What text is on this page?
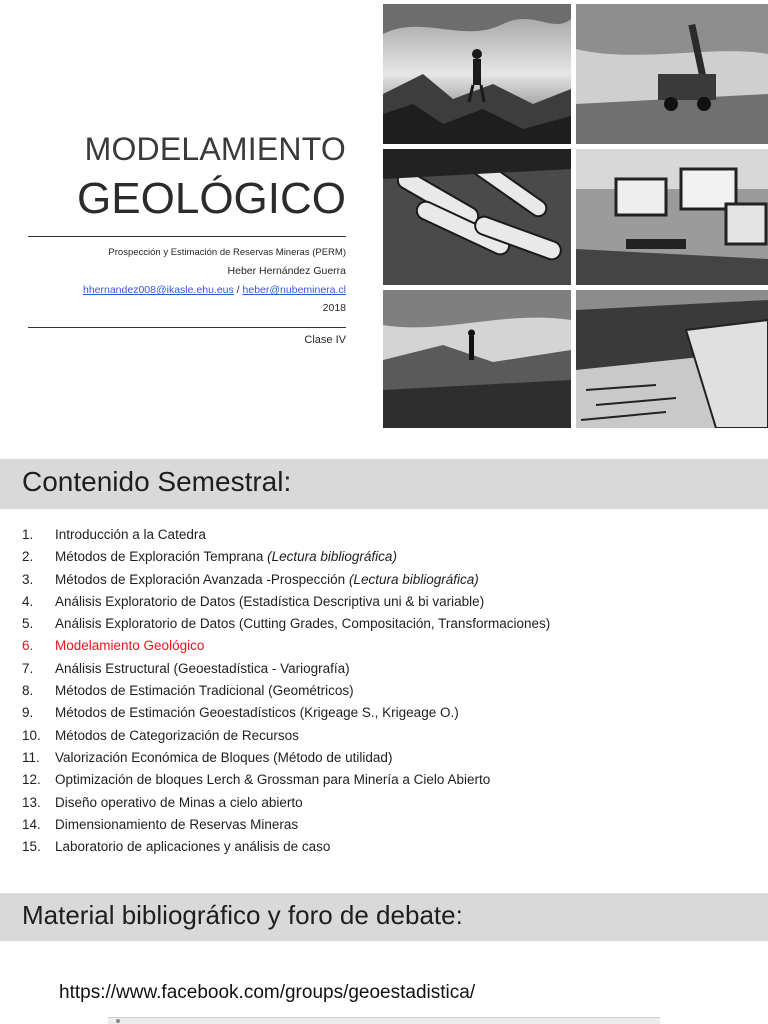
MODELAMIENTO
GEOLÓGICO
Prospección y Estimación de Reservas Mineras (PERM)
Heber Hernández Guerra
hhernandez008@ikasle.ehu.eus / heber@nubeminera.cl
2018
Clase IV
Contenido Semestral:
1.	Introducción a la Catedra
2.	Métodos de Exploración Temprana (Lectura bibliográfica)
3.	Métodos de Exploración Avanzada -Prospección (Lectura bibliográfica)
4.	Análisis Exploratorio de Datos (Estadística Descriptiva uni & bi variable)
5.	Análisis Exploratorio de Datos (Cutting Grades, Compositación, Transformaciones)
6.	Modelamiento Geológico
7.	Análisis Estructural (Geoestadística - Variografía)
8.	Métodos de Estimación Tradicional (Geométricos)
9.	Métodos de Estimación Geoestadísticos (Krigeage S., Krigeage O.)
10.	Métodos de Categorización de Recursos
11.	Valorización Económica de Bloques (Método de utilidad)
12.	Optimización de bloques Lerch & Grossman para Minería a Cielo Abierto
13.	Diseño operativo de Minas a cielo abierto
14.	Dimensionamiento de Reservas Mineras
15.	Laboratorio de aplicaciones y análisis de caso
Material bibliográfico y foro de debate:
https://www.facebook.com/groups/geoestadistica/
